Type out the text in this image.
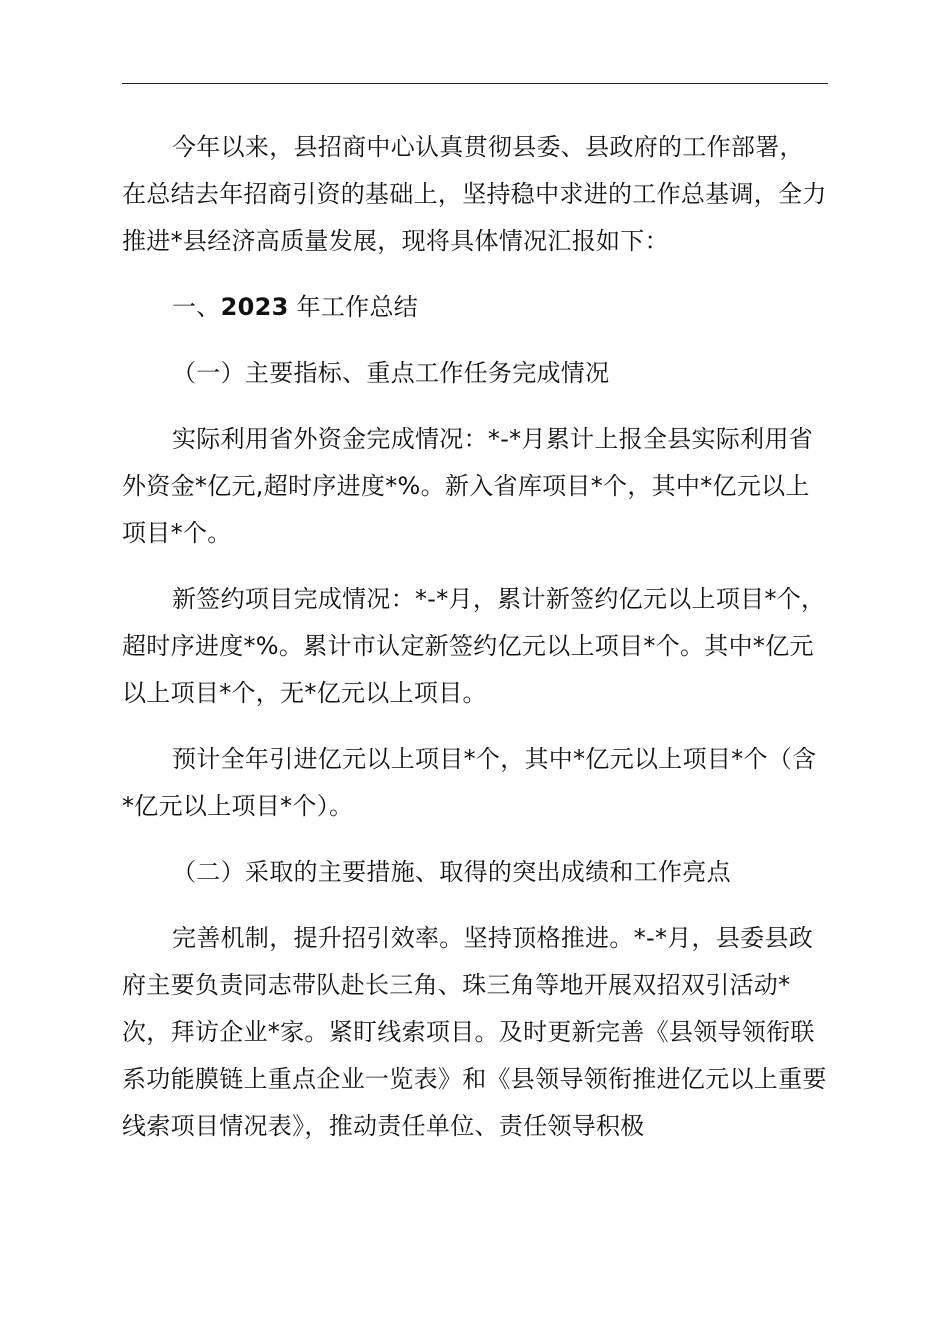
今年以来，县招商中心认真贯彻县委、县政府的工作部署，在总结去年招商引资的基础上，坚持稳中求进的工作总基调，全力推进*县经济高质量发展，现将具体情况汇报如下：

一、2023 年工作总结

（一）主要指标、重点工作任务完成情况

实际利用省外资金完成情况：*-*月累计上报全县实际利用省外资金*亿元,超时序进度*%。新入省库项目*个，其中*亿元以上项目*个。

新签约项目完成情况：*-*月，累计新签约亿元以上项目*个，超时序进度*%。累计市认定新签约亿元以上项目*个。其中*亿元以上项目*个，无*亿元以上项目。

预计全年引进亿元以上项目*个，其中*亿元以上项目*个（含*亿元以上项目*个）。

（二）采取的主要措施、取得的突出成绩和工作亮点

完善机制，提升招引效率。坚持顶格推进。*-*月，县委县政府主要负责同志带队赴长三角、珠三角等地开展双招双引活动*次，拜访企业*家。紧盯线索项目。及时更新完善《县领导领衔联系功能膜链上重点企业一览表》和《县领导领衔推进亿元以上重要线索项目情况表》，推动责任单位、责任领导积极
